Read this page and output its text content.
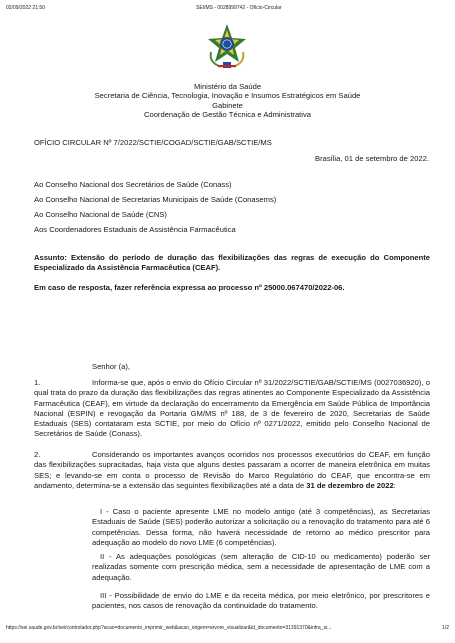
02/09/2022 21:50	SEI/MS - 0028999742 - Ofício-Circular
Ministério da Saúde
Secretaria de Ciência, Tecnologia, Inovação e Insumos Estratégicos em Saúde
Gabinete
Coordenação de Gestão Técnica e Administrativa
OFÍCIO CIRCULAR Nº 7/2022/SCTIE/COGAD/SCTIE/GAB/SCTIE/MS
Brasília, 01 de setembro de 2022.
Ao Conselho Nacional dos Secretários de Saúde (Conass)
Ao Conselho Nacional de Secretarias Municipais de Saúde (Conasems)
Ao Conselho Nacional de Saúde (CNS)
Aos Coordenadores Estaduais de Assistência Farmacêutica
Assunto: Extensão do período de duração das flexibilizações das regras de execução do Componente Especializado da Assistência Farmacêutica (CEAF).
Em caso de resposta, fazer referência expressa ao processo nº 25000.067470/2022-06.
Senhor (a),
1.	Informa-se que, após o envio do Ofício Circular nº 31/2022/SCTIE/GAB/SCTIE/MS (0027036920), o qual trata do prazo da duração das flexibilizações das regras atinentes ao Componente Especializado da Assistência Farmacêutica (CEAF), em virtude da declaração do encerramento da Emergência em Saúde Pública de Importância Nacional (ESPIN) e revogação da Portaria GM/MS nº 188, de 3 de fevereiro de 2020, Secretarias de Saúde Estaduais (SES) contataram esta SCTIE, por meio do Ofício nº 0271/2022, emitido pelo Conselho Nacional de Secretários de Saúde (Conass).
2.	Considerando os importantes avanços ocorridos nos processos executórios do CEAF, em função das flexibilizações supracitadas, haja vista que alguns destes passaram a ocorrer de maneira eletrônica em muitas SES; e levando-se em conta o processo de Revisão do Marco Regulatório do CEAF, que encontra-se em andamento, determina-se a extensão das seguintes flexibilizações até a data de 31 de dezembro de 2022:
I - Caso o paciente apresente LME no modelo antigo (até 3 competências), as Secretarias Estaduais de Saúde (SES) poderão autorizar a solicitação ou a renovação do tratamento para até 6 competências. Dessa forma, não haverá necessidade de retorno ao médico prescritor para adequação ao modelo do novo LME (6 competências).
II - As adequações posológicas (sem alteração de CID-10 ou medicamento) poderão ser realizadas somente com prescrição médica, sem a necessidade de apresentação de LME com a adequação.
III - Possibilidade de envio do LME e da receita médica, por meio eletrônico, por prescritores e pacientes, nos casos de renovação da continuidade do tratamento.
https://sei.saude.gov.br/sei/controlador.php?acao=documento_imprimir_web&acao_origem=arvore_visualizar&id_documento=31391370&infra_si...	1/2
